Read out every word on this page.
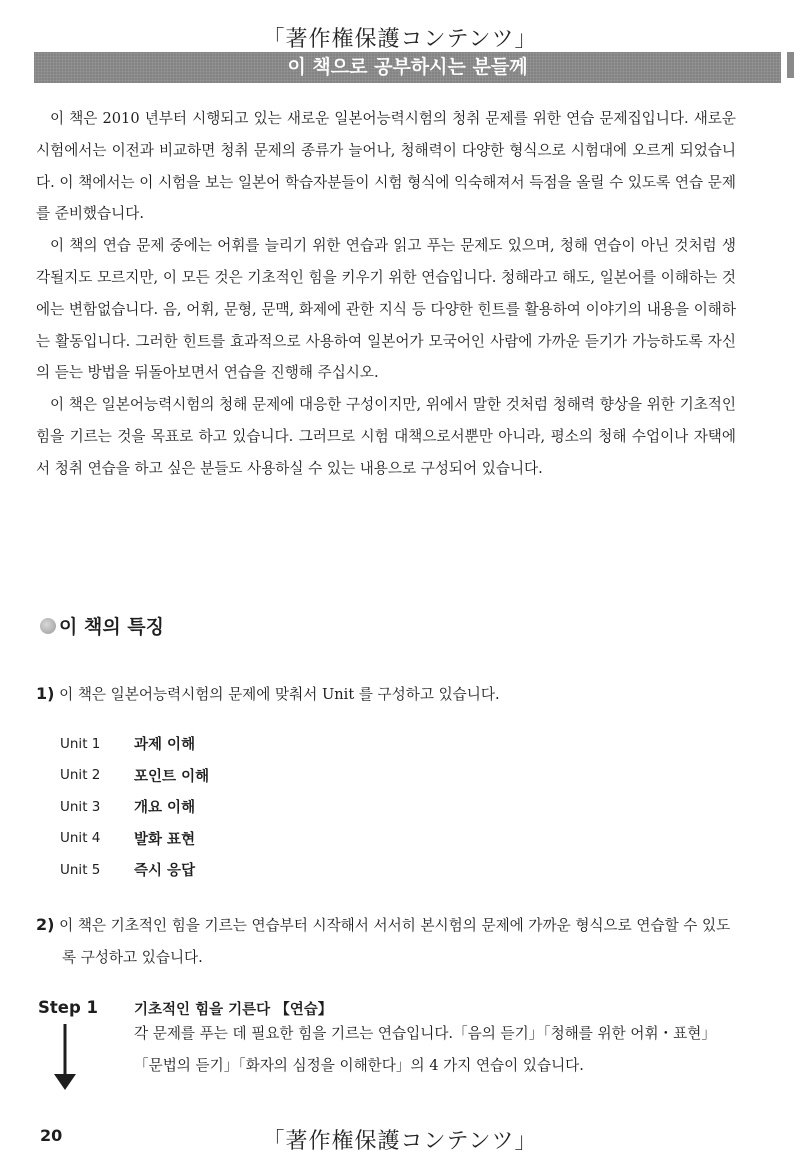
「著作権保護コンテンツ」
이 책으로 공부하시는 분들께

이 책은 2010 년부터 시행되고 있는 새로운 일본어능력시험의 청취 문제를 위한 연습 문제집입니다. 새로운 시험에서는 이전과 비교하면 청취 문제의 종류가 늘어나, 청해력이 다양한 형식으로 시험대에 오르게 되었습니다. 이 책에서는 이 시험을 보는 일본어 학습자분들이 시험 형식에 익숙해져서 득점을 올릴 수 있도록 연습 문제를 준비했습니다.

이 책의 연습 문제 중에는 어휘를 늘리기 위한 연습과 읽고 푸는 문제도 있으며, 청해 연습이 아닌 것처럼 생각될지도 모르지만, 이 모든 것은 기초적인 힘을 키우기 위한 연습입니다. 청해라고 해도, 일본어를 이해하는 것에는 변함없습니다. 음, 어휘, 문형, 문맥, 화제에 관한 지식 등 다양한 힌트를 활용하여 이야기의 내용을 이해하는 활동입니다. 그러한 힌트를 효과적으로 사용하여 일본어가 모국어인 사람에 가까운 듣기가 가능하도록 자신의 듣는 방법을 뒤돌아보면서 연습을 진행해 주십시오.

이 책은 일본어능력시험의 청해 문제에 대응한 구성이지만, 위에서 말한 것처럼 청해력 향상을 위한 기초적인 힘을 기르는 것을 목표로 하고 있습니다. 그러므로 시험 대책으로서뿐만 아니라, 평소의 청해 수업이나 자택에서 청취 연습을 하고 싶은 분들도 사용하실 수 있는 내용으로 구성되어 있습니다.

이 책의 특징

1) 이 책은 일본어능력시험의 문제에 맞춰서 Unit 를 구성하고 있습니다.

Unit 1	과제 이해
Unit 2	포인트 이해
Unit 3	개요 이해
Unit 4	발화 표현
Unit 5	즉시 응답

2) 이 책은 기초적인 힘을 기르는 연습부터 시작해서 서서히 본시험의 문제에 가까운 형식으로 연습할 수 있도록 구성하고 있습니다.

Step 1 기초적인 힘을 기른다 【연습】

각 문제를 푸는 데 필요한 힘을 기르는 연습입니다.「음의 듣기」「청해를 위한 어휘・표현」「문법의 듣기」「화자의 심정을 이해한다」의 4 가지 연습이 있습니다.

20	「著作権保護コンテンツ」
